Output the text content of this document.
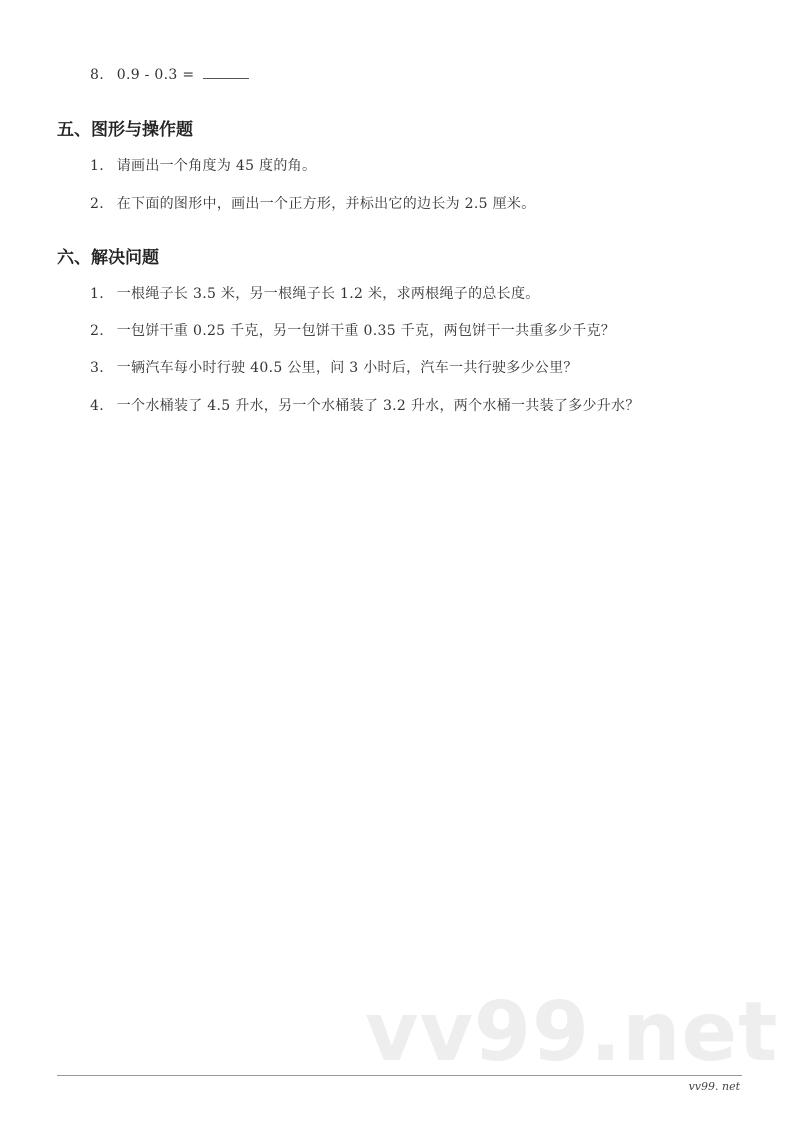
8. 0.9 - 0.3 =
五、图形与操作题
1. 请画出一个角度为 45 度的角。
2. 在下面的图形中，画出一个正方形，并标出它的边长为 2.5 厘米。
六、解决问题
1. 一根绳子长 3.5 米，另一根绳子长 1.2 米，求两根绳子的总长度。
2. 一包饼干重 0.25 千克，另一包饼干重 0.35 千克，两包饼干一共重多少千克？
3. 一辆汽车每小时行驶 40.5 公里，问 3 小时后，汽车一共行驶多少公里？
4. 一个水桶装了 4.5 升水，另一个水桶装了 3.2 升水，两个水桶一共装了多少升水？
vv99.net
vv99. net
